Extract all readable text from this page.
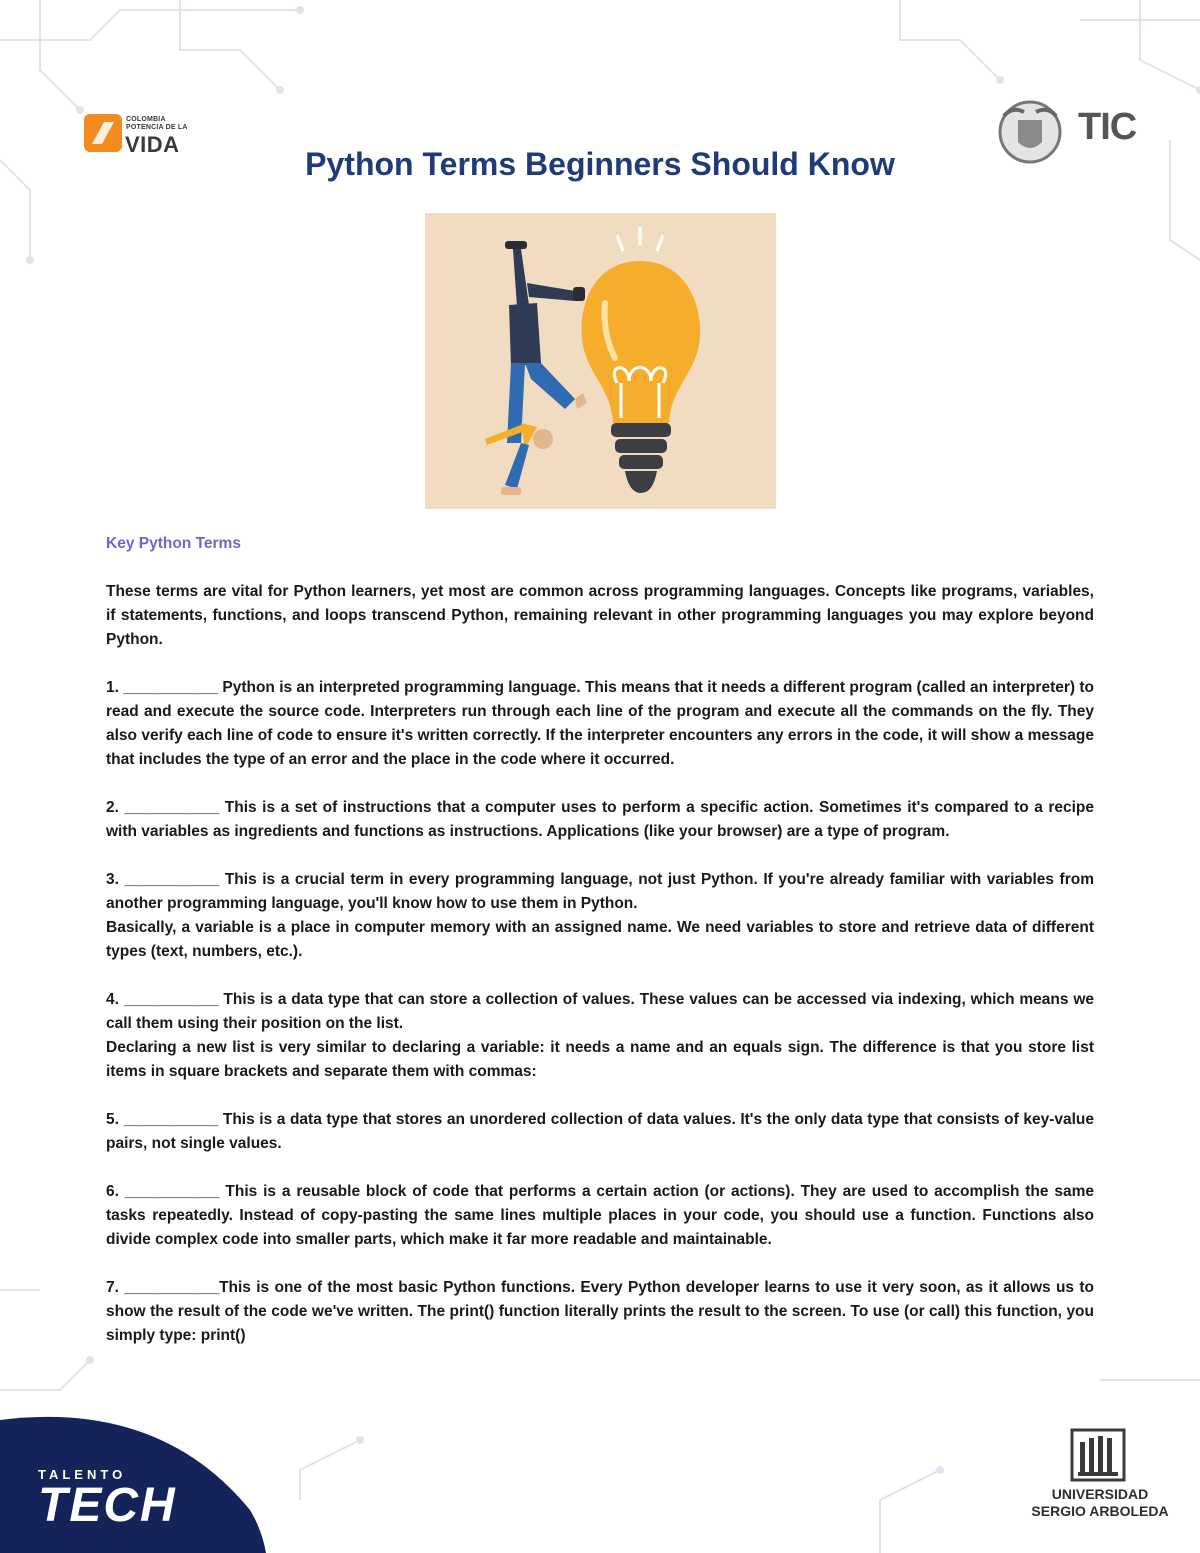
COLOMBIA POTENCIA DE LA
VIDA	TIC
Python Terms Beginners Should Know
Key Python Terms

These terms are vital for Python learners, yet most are common across programming languages. Concepts like programs, variables, if statements, functions, and loops transcend Python, remaining relevant in other programming languages you may explore beyond Python.

1. ___________ Python is an interpreted programming language. This means that it needs a different program (called an interpreter) to read and execute the source code. Interpreters run through each line of the program and execute all the commands on the fly. They also verify each line of code to ensure it's written correctly. If the interpreter encounters any errors in the code, it will show a message that includes the type of an error and the place in the code where it occurred.

2. ___________ This is a set of instructions that a computer uses to perform a specific action. Sometimes it's compared to a recipe with variables as ingredients and functions as instructions. Applications (like your browser) are a type of program.

3. ___________ This is a crucial term in every programming language, not just Python. If you're already familiar with variables from another programming language, you'll know how to use them in Python.

Basically, a variable is a place in computer memory with an assigned name. We need variables to store and retrieve data of different types (text, numbers, etc.).

4. ___________ This is a data type that can store a collection of values. These values can be accessed via indexing, which means we call them using their position on the list.

Declaring a new list is very similar to declaring a variable: it needs a name and an equals sign. The difference is that you store list items in square brackets and separate them with commas:

5. ___________ This is a data type that stores an unordered collection of data values. It's the only data type that consists of key-value pairs, not single values.

6. ___________ This is a reusable block of code that performs a certain action (or actions). They are used to accomplish the same tasks repeatedly. Instead of copy-pasting the same lines multiple places in your code, you should use a function. Functions also divide complex code into smaller parts, which make it far more readable and maintainable.

7. ___________This is one of the most basic Python functions. Every Python developer learns to use it very soon, as it allows us to show the result of the code we've written. The print() function literally prints the result to the screen. To use (or call) this function, you simply type: print()

TALENTO
TECH	UNIVERSIDAD
SERGIO ARBOLEDA
